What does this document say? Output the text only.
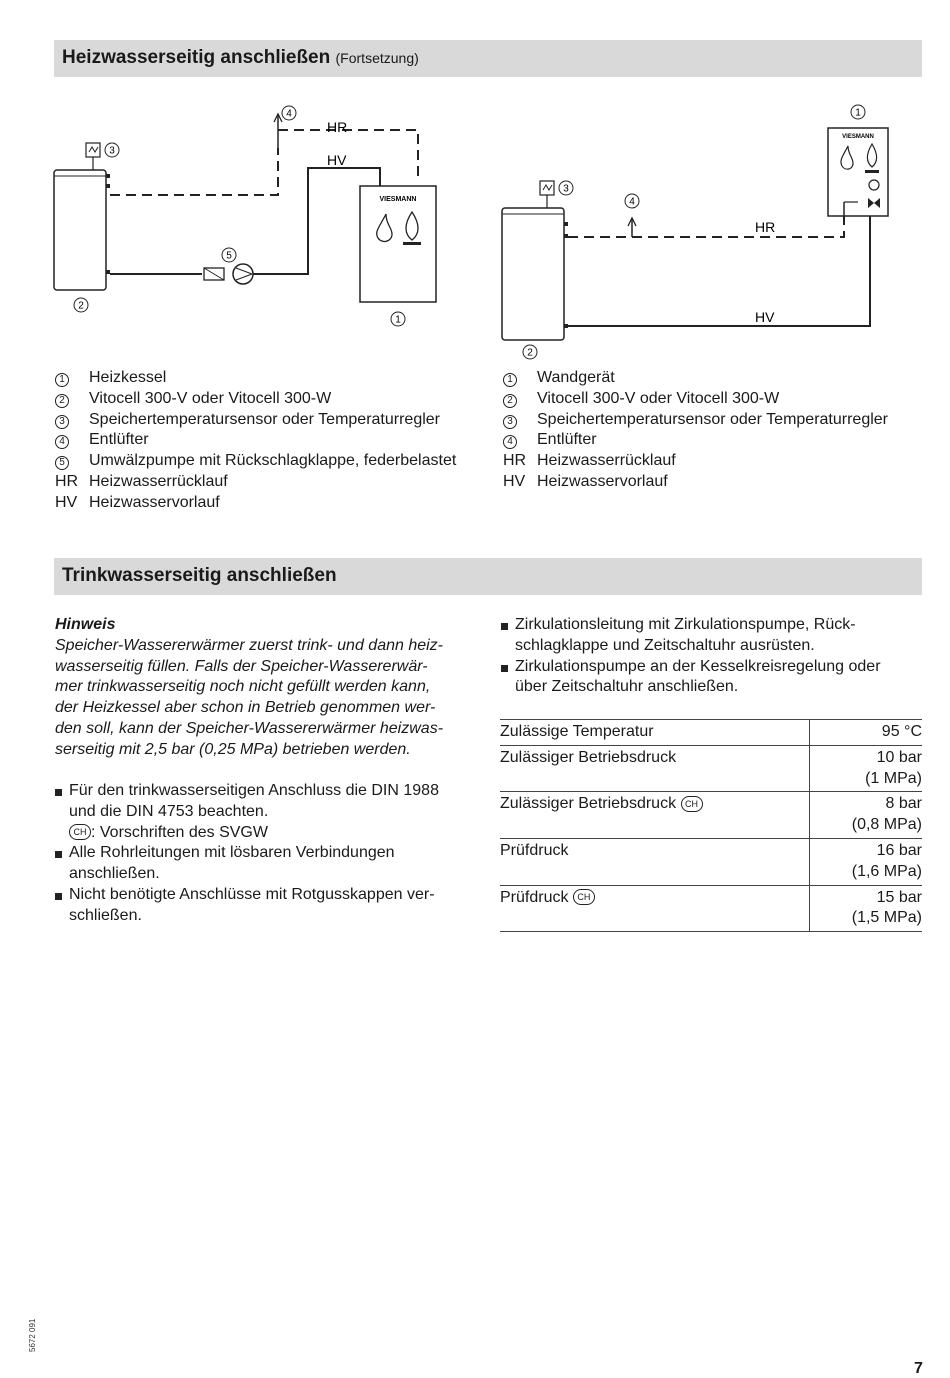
Heizwasserseitig anschließen (Fortsetzung)
3
4
HR
HV
5
VIESMANN
1
2
3
4
HR
HV
VIESMANN
1
2
1	Heizkessel
2	Vitocell 300-V oder Vitocell 300-W
3	Speichertemperatursensor oder Temperaturregler
4	Entlüfter
5	Umwälzpumpe mit Rückschlagklappe, federbelastet
HR Heizwasserrücklauf
HV Heizwasservorlauf
1	Wandgerät
2	Vitocell 300-V oder Vitocell 300-W
3	Speichertemperatursensor oder Temperaturregler
4	Entlüfter
HR Heizwasserrücklauf
HV Heizwasservorlauf
Trinkwasserseitig anschließen
Hinweis
Speicher-Wassererwärmer zuerst trink- und dann heiz-
wasserseitig füllen. Falls der Speicher-Wassererwär-
mer trinkwasserseitig noch nicht gefüllt werden kann,
der Heizkessel aber schon in Betrieb genommen wer-
den soll, kann der Speicher-Wassererwärmer heizwas-
serseitig mit 2,5 bar (0,25 MPa) betrieben werden.
Für den trinkwasserseitigen Anschluss die DIN 1988
und die DIN 4753 beachten.
CH : Vorschriften des SVGW
Alle Rohrleitungen mit lösbaren Verbindungen
anschließen.
Nicht benötigte Anschlüsse mit Rotgusskappen ver-
schließen.
Zirkulationsleitung mit Zirkulationspumpe, Rück-
schlagklappe und Zeitschaltuhr ausrüsten.
Zirkulationspumpe an der Kesselkreisregelung oder
über Zeitschaltuhr anschließen.
Zulässige Temperatur	95 °C

Zulässiger Betriebsdruck	10 bar
(1 MPa)

Zulässiger Betriebsdruck CH	8 bar
(0,8 MPa)

Prüfdruck	16 bar
(1,6 MPa)

Prüfdruck CH	15 bar
(1,5 MPa)
5672 091
7
